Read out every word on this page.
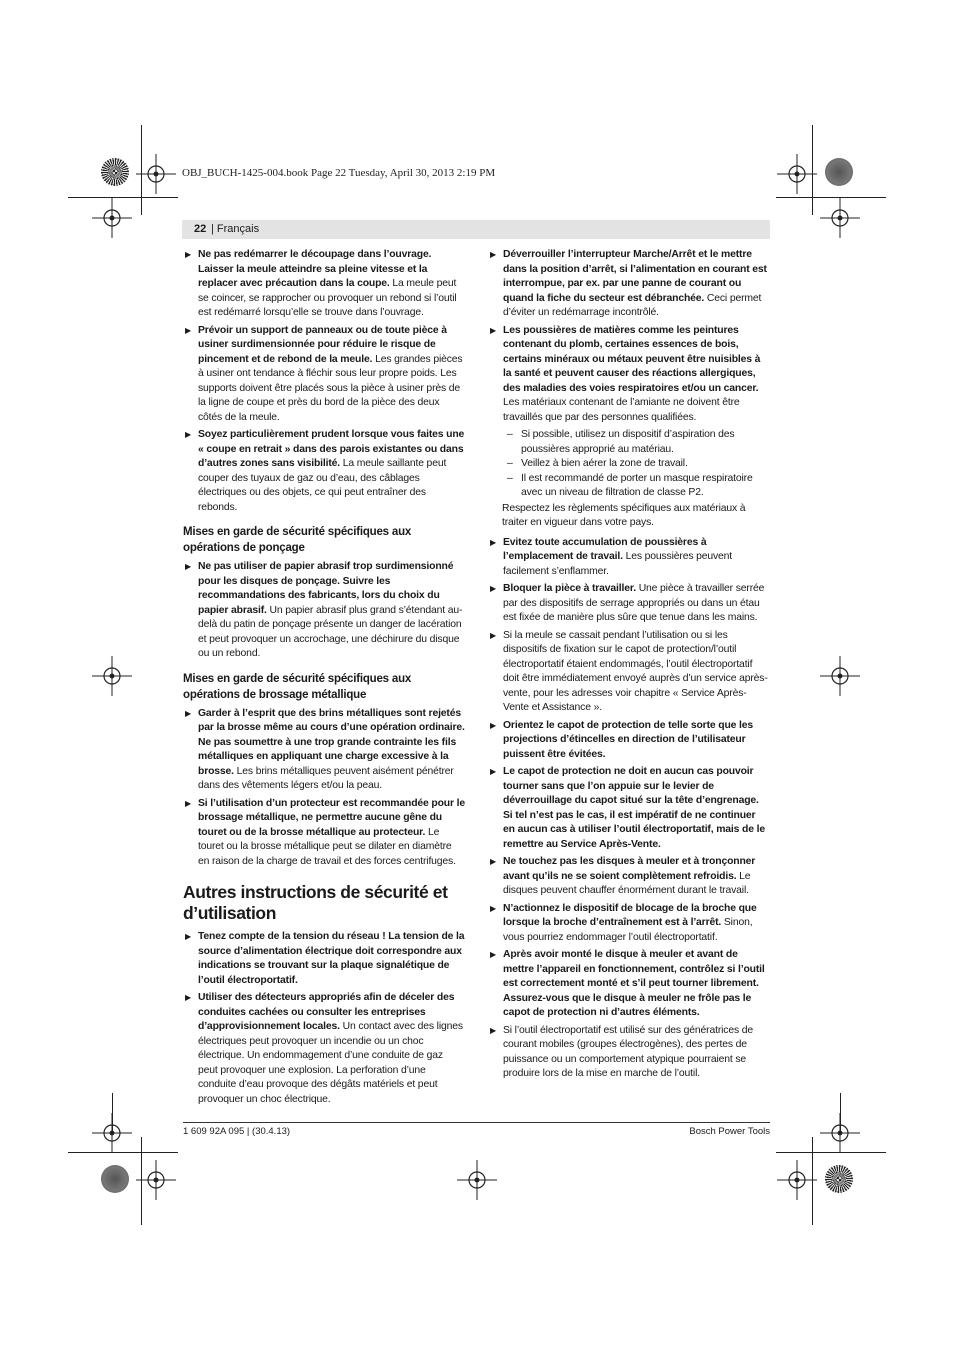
OBJ_BUCH-1425-004.book Page 22 Tuesday, April 30, 2013 2:19 PM
22 | Français
▶ Ne pas redémarrer le découpage dans l’ouvrage. Laisser la meule atteindre sa pleine vitesse et la replacer avec précaution dans la coupe. La meule peut se coincer, se rapprocher ou provoquer un rebond si l’outil est redémarré lorsqu’elle se trouve dans l’ouvrage.
▶ Prévoir un support de panneaux ou de toute pièce à usiner surdimensionnée pour réduire le risque de pincement et de rebond de la meule. Les grandes pièces à usiner ont tendance à fléchir sous leur propre poids. Les supports doivent être placés sous la pièce à usiner près de la ligne de coupe et près du bord de la pièce des deux côtés de la meule.
▶ Soyez particulièrement prudent lorsque vous faites une « coupe en retrait » dans des parois existantes ou dans d’autres zones sans visibilité. La meule saillante peut couper des tuyaux de gaz ou d’eau, des câblages électriques ou des objets, ce qui peut entraîner des rebonds.
Mises en garde de sécurité spécifiques aux opérations de ponçage
▶ Ne pas utiliser de papier abrasif trop surdimensionné pour les disques de ponçage. Suivre les recommandations des fabricants, lors du choix du papier abrasif. Un papier abrasif plus grand s’étendant au-delà du patin de ponçage présente un danger de lacération et peut provoquer un accrochage, une déchirure du disque ou un rebond.
Mises en garde de sécurité spécifiques aux opérations de brossage métallique
▶ Garder à l’esprit que des brins métalliques sont rejetés par la brosse même au cours d’une opération ordinaire. Ne pas soumettre à une trop grande contrainte les fils métalliques en appliquant une charge excessive à la brosse. Les brins métalliques peuvent aisément pénétrer dans des vêtements légers et/ou la peau.
▶ Si l’utilisation d’un protecteur est recommandée pour le brossage métallique, ne permettre aucune gêne du touret ou de la brosse métallique au protecteur. Le touret ou la brosse métallique peut se dilater en diamètre en raison de la charge de travail et des forces centrifuges.
Autres instructions de sécurité et d’utilisation
▶ Tenez compte de la tension du réseau ! La tension de la source d’alimentation électrique doit correspondre aux indications se trouvant sur la plaque signalétique de l’outil électroportatif.
▶ Utiliser des détecteurs appropriés afin de déceler des conduites cachées ou consulter les entreprises d’approvisionnement locales. Un contact avec des lignes électriques peut provoquer un incendie ou un choc électrique. Un endommagement d’une conduite de gaz peut provoquer une explosion. La perforation d’une conduite d’eau provoque des dégâts matériels et peut provoquer un choc électrique.
▶ Déverrouiller l’interrupteur Marche/Arrêt et le mettre dans la position d’arrêt, si l’alimentation en courant est interrompue, par ex. par une panne de courant ou quand la fiche du secteur est débranchée. Ceci permet d’éviter un redémarrage incontrôlé.
▶ Les poussières de matières comme les peintures contenant du plomb, certaines essences de bois, certains minéraux ou métaux peuvent être nuisibles à la santé et peuvent causer des réactions allergiques, des maladies des voies respiratoires et/ou un cancer. Les matériaux contenant de l’amiante ne doivent être travaillés que par des personnes qualifiées.
– Si possible, utilisez un dispositif d’aspiration des poussières approprié au matériau.
– Veillez à bien aérer la zone de travail.
– Il est recommandé de porter un masque respiratoire avec un niveau de filtration de classe P2.

Respectez les règlements spécifiques aux matériaux à traiter en vigueur dans votre pays.

▶ Evitez toute accumulation de poussières à l’emplacement de travail. Les poussières peuvent facilement s’enflammer.
▶ Bloquer la pièce à travailler. Une pièce à travailler serrée par des dispositifs de serrage appropriés ou dans un étau est fixée de manière plus sûre que tenue dans les mains.
▶ Si la meule se cassait pendant l’utilisation ou si les dispositifs de fixation sur le capot de protection/l’outil électroportatif étaient endommagés, l’outil électroportatif doit être immédiatement envoyé auprès d’un service après-vente, pour les adresses voir chapitre « Service Après-Vente et Assistance ».
▶ Orientez le capot de protection de telle sorte que les projections d’étincelles en direction de l’utilisateur puissent être évitées.
▶ Le capot de protection ne doit en aucun cas pouvoir tourner sans que l’on appuie sur le levier de déverrouillage du capot situé sur la tête d’engrenage. Si tel n’est pas le cas, il est impératif de ne continuer en aucun cas à utiliser l’outil électroportatif, mais de le remettre au Service Après-Vente.
▶ Ne touchez pas les disques à meuler et à tronçonner avant qu’ils ne se soient complètement refroidis. Le disques peuvent chauffer énormément durant le travail.
▶ N’actionnez le dispositif de blocage de la broche que lorsque la broche d’entraînement est à l’arrêt. Sinon, vous pourriez endommager l’outil électroportatif.
▶ Après avoir monté le disque à meuler et avant de mettre l’appareil en fonctionnement, contrôlez si l’outil est correctement monté et s’il peut tourner librement. Assurez-vous que le disque à meuler ne frôle pas le capot de protection ni d’autres éléments.
▶ Si l’outil électroportatif est utilisé sur des génératrices de courant mobiles (groupes électrogènes), des pertes de puissance ou un comportement atypique pourraient se produire lors de la mise en marche de l’outil.
1 609 92A 095 | (30.4.13)	Bosch Power Tools
